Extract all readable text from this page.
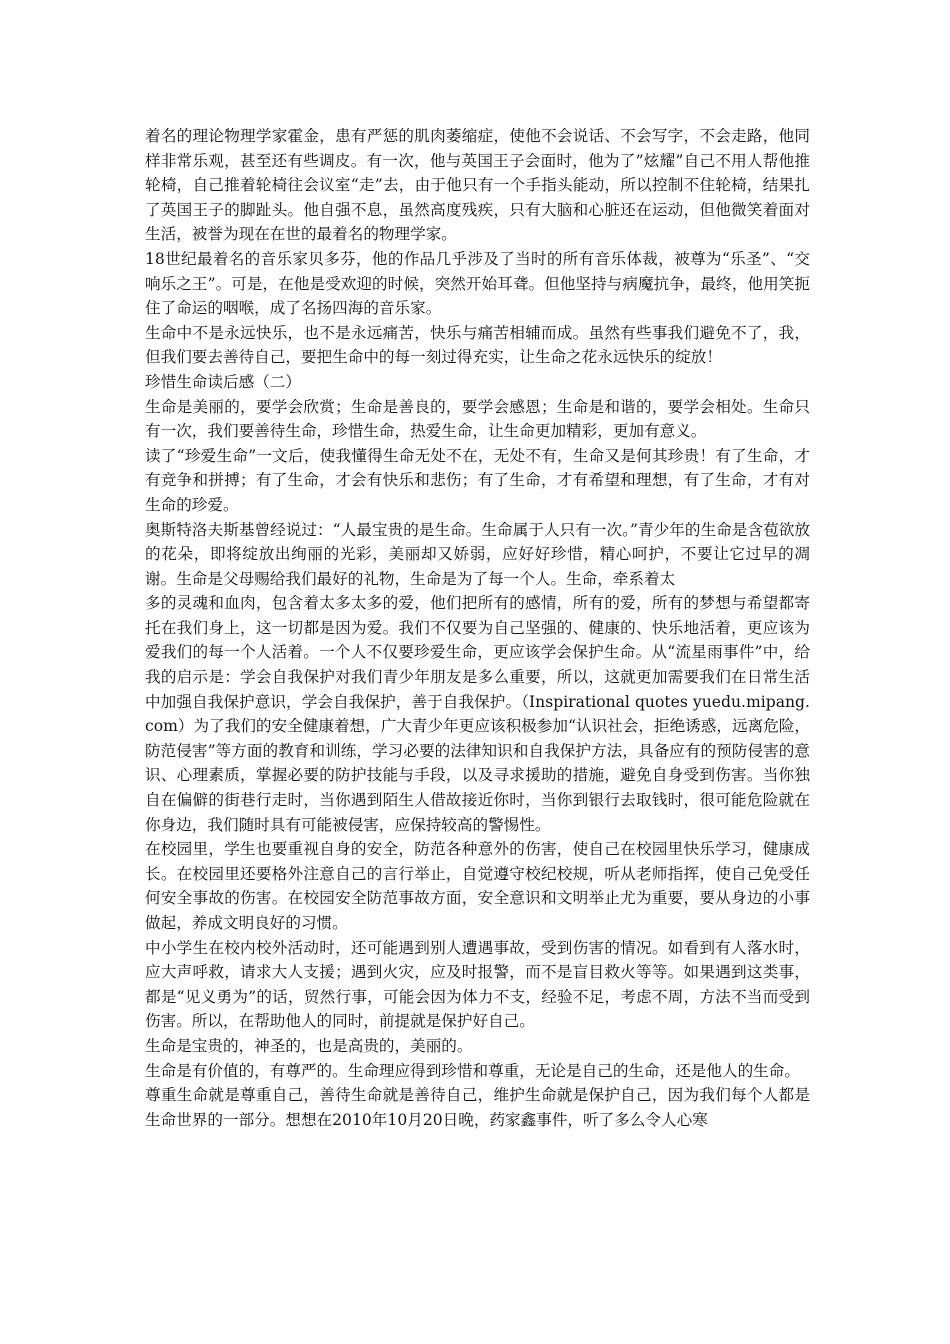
着名的理论物理学家霍金，患有严惩的肌肉萎缩症，使他不会说话、不会写字，不会走路，他同样非常乐观，甚至还有些调皮。有一次，他与英国王子会面时，他为了”炫耀”自己不用人帮他推轮椅，自己推着轮椅往会议室“走”去，由于他只有一个手指头能动，所以控制不住轮椅，结果扎了英国王子的脚趾头。他自强不息，虽然高度残疾，只有大脑和心脏还在运动，但他微笑着面对生活，被誉为现在在世的最着名的物理学家。

18世纪最着名的音乐家贝多芬，他的作品几乎涉及了当时的所有音乐体裁，被尊为“乐圣”、“交响乐之王”。可是，在他是受欢迎的时候，突然开始耳聋。但他坚持与病魔抗争，最终，他用笑扼住了命运的咽喉，成了名扬四海的音乐家。

生命中不是永远快乐，也不是永远痛苦，快乐与痛苦相辅而成。虽然有些事我们避免不了，我，但我们要去善待自己，要把生命中的每一刻过得充实，让生命之花永远快乐的绽放！

珍惜生命读后感（二）

生命是美丽的，要学会欣赏；生命是善良的，要学会感恩；生命是和谐的，要学会相处。生命只有一次，我们要善待生命，珍惜生命，热爱生命，让生命更加精彩，更加有意义。

读了“珍爱生命”一文后，使我懂得生命无处不在，无处不有，生命又是何其珍贵！有了生命，才有竞争和拼搏；有了生命，才会有快乐和悲伤；有了生命，才有希望和理想，有了生命，才有对生命的珍爱。

奥斯特洛夫斯基曾经说过：“人最宝贵的是生命。生命属于人只有一次。”青少年的生命是含苞欲放的花朵，即将绽放出绚丽的光彩，美丽却又娇弱，应好好珍惜，精心呵护，不要让它过早的凋谢。生命是父母赐给我们最好的礼物，生命是为了每一个人。生命，牵系着太

多的灵魂和血肉，包含着太多太多的爱，他们把所有的感情，所有的爱，所有的梦想与希望都寄托在我们身上，这一切都是因为爱。我们不仅要为自己坚强的、健康的、快乐地活着，更应该为爱我们的每一个人活着。一个人不仅要珍爱生命，更应该学会保护生命。从“流星雨事件”中，给我的启示是：学会自我保护对我们青少年朋友是多么重要，所以，这就更加需要我们在日常生活中加强自我保护意识，学会自我保护，善于自我保护。（Inspirational quotes yuedu.mipang.com）为了我们的安全健康着想，广大青少年更应该积极参加“认识社会，拒绝诱惑，远离危险，防范侵害”等方面的教育和训练，学习必要的法律知识和自我保护方法，具备应有的预防侵害的意识、心理素质，掌握必要的防护技能与手段，以及寻求援助的措施，避免自身受到伤害。当你独自在偏僻的街巷行走时，当你遇到陌生人借故接近你时，当你到银行去取钱时，很可能危险就在你身边，我们随时具有可能被侵害，应保持较高的警惕性。

在校园里，学生也要重视自身的安全，防范各种意外的伤害，使自己在校园里快乐学习，健康成长。在校园里还要格外注意自己的言行举止，自觉遵守校纪校规，听从老师指挥，使自己免受任何安全事故的伤害。在校园安全防范事故方面，安全意识和文明举止尤为重要，要从身边的小事做起，养成文明良好的习惯。

中小学生在校内校外活动时，还可能遇到别人遭遇事故，受到伤害的情况。如看到有人落水时，应大声呼救，请求大人支援；遇到火灾，应及时报警，而不是盲目救火等等。如果遇到这类事，都是“见义勇为”的话，贸然行事，可能会因为体力不支，经验不足，考虑不周，方法不当而受到伤害。所以，在帮助他人的同时，前提就是保护好自己。

生命是宝贵的，神圣的，也是高贵的，美丽的。

生命是有价值的，有尊严的。生命理应得到珍惜和尊重，无论是自己的生命，还是他人的生命。

尊重生命就是尊重自己，善待生命就是善待自己，维护生命就是保护自己，因为我们每个人都是生命世界的一部分。想想在2010年10月20日晚，药家鑫事件，听了多么令人心寒
